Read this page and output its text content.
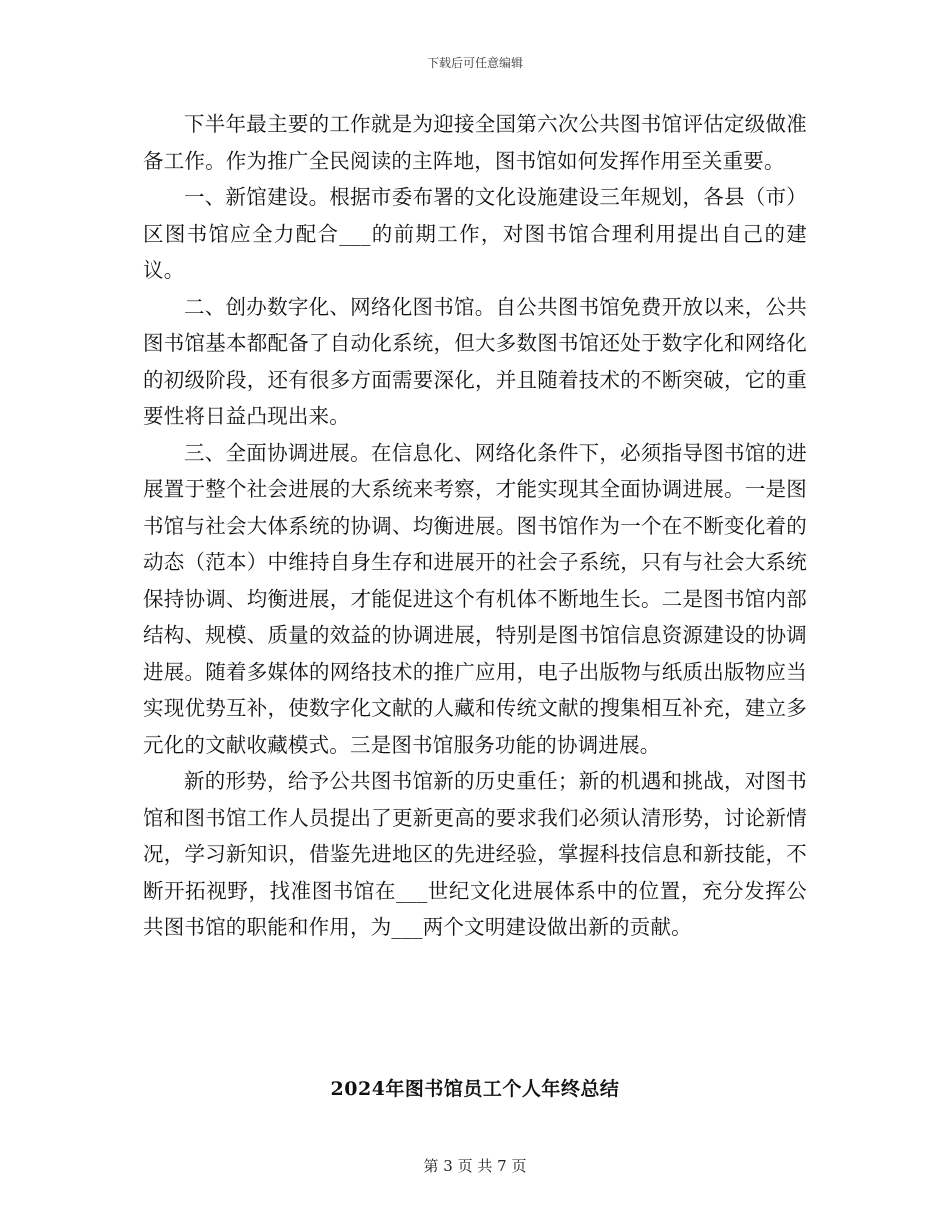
下载后可任意编辑

下半年最主要的工作就是为迎接全国第六次公共图书馆评估定级做准备工作。作为推广全民阅读的主阵地，图书馆如何发挥作用至关重要。

一、新馆建设。根据市委布署的文化设施建设三年规划，各县（市）区图书馆应全力配合___的前期工作，对图书馆合理利用提出自己的建议。

二、创办数字化、网络化图书馆。自公共图书馆免费开放以来，公共图书馆基本都配备了自动化系统，但大多数图书馆还处于数字化和网络化的初级阶段，还有很多方面需要深化，并且随着技术的不断突破，它的重要性将日益凸现出来。

三、全面协调进展。在信息化、网络化条件下，必须指导图书馆的进展置于整个社会进展的大系统来考察，才能实现其全面协调进展。一是图书馆与社会大体系统的协调、均衡进展。图书馆作为一个在不断变化着的动态（范本）中维持自身生存和进展开的社会子系统，只有与社会大系统保持协调、均衡进展，才能促进这个有机体不断地生长。二是图书馆内部结构、规模、质量的效益的协调进展，特别是图书馆信息资源建设的协调进展。随着多媒体的网络技术的推广应用，电子出版物与纸质出版物应当实现优势互补，使数字化文献的人藏和传统文献的搜集相互补充，建立多元化的文献收藏模式。三是图书馆服务功能的协调进展。

新的形势，给予公共图书馆新的历史重任；新的机遇和挑战，对图书馆和图书馆工作人员提出了更新更高的要求我们必须认清形势，讨论新情况，学习新知识，借鉴先进地区的先进经验，掌握科技信息和新技能，不断开拓视野，找准图书馆在___世纪文化进展体系中的位置，充分发挥公共图书馆的职能和作用，为___两个文明建设做出新的贡献。

2024年图书馆员工个人年终总结
第 3 页 共 7 页
